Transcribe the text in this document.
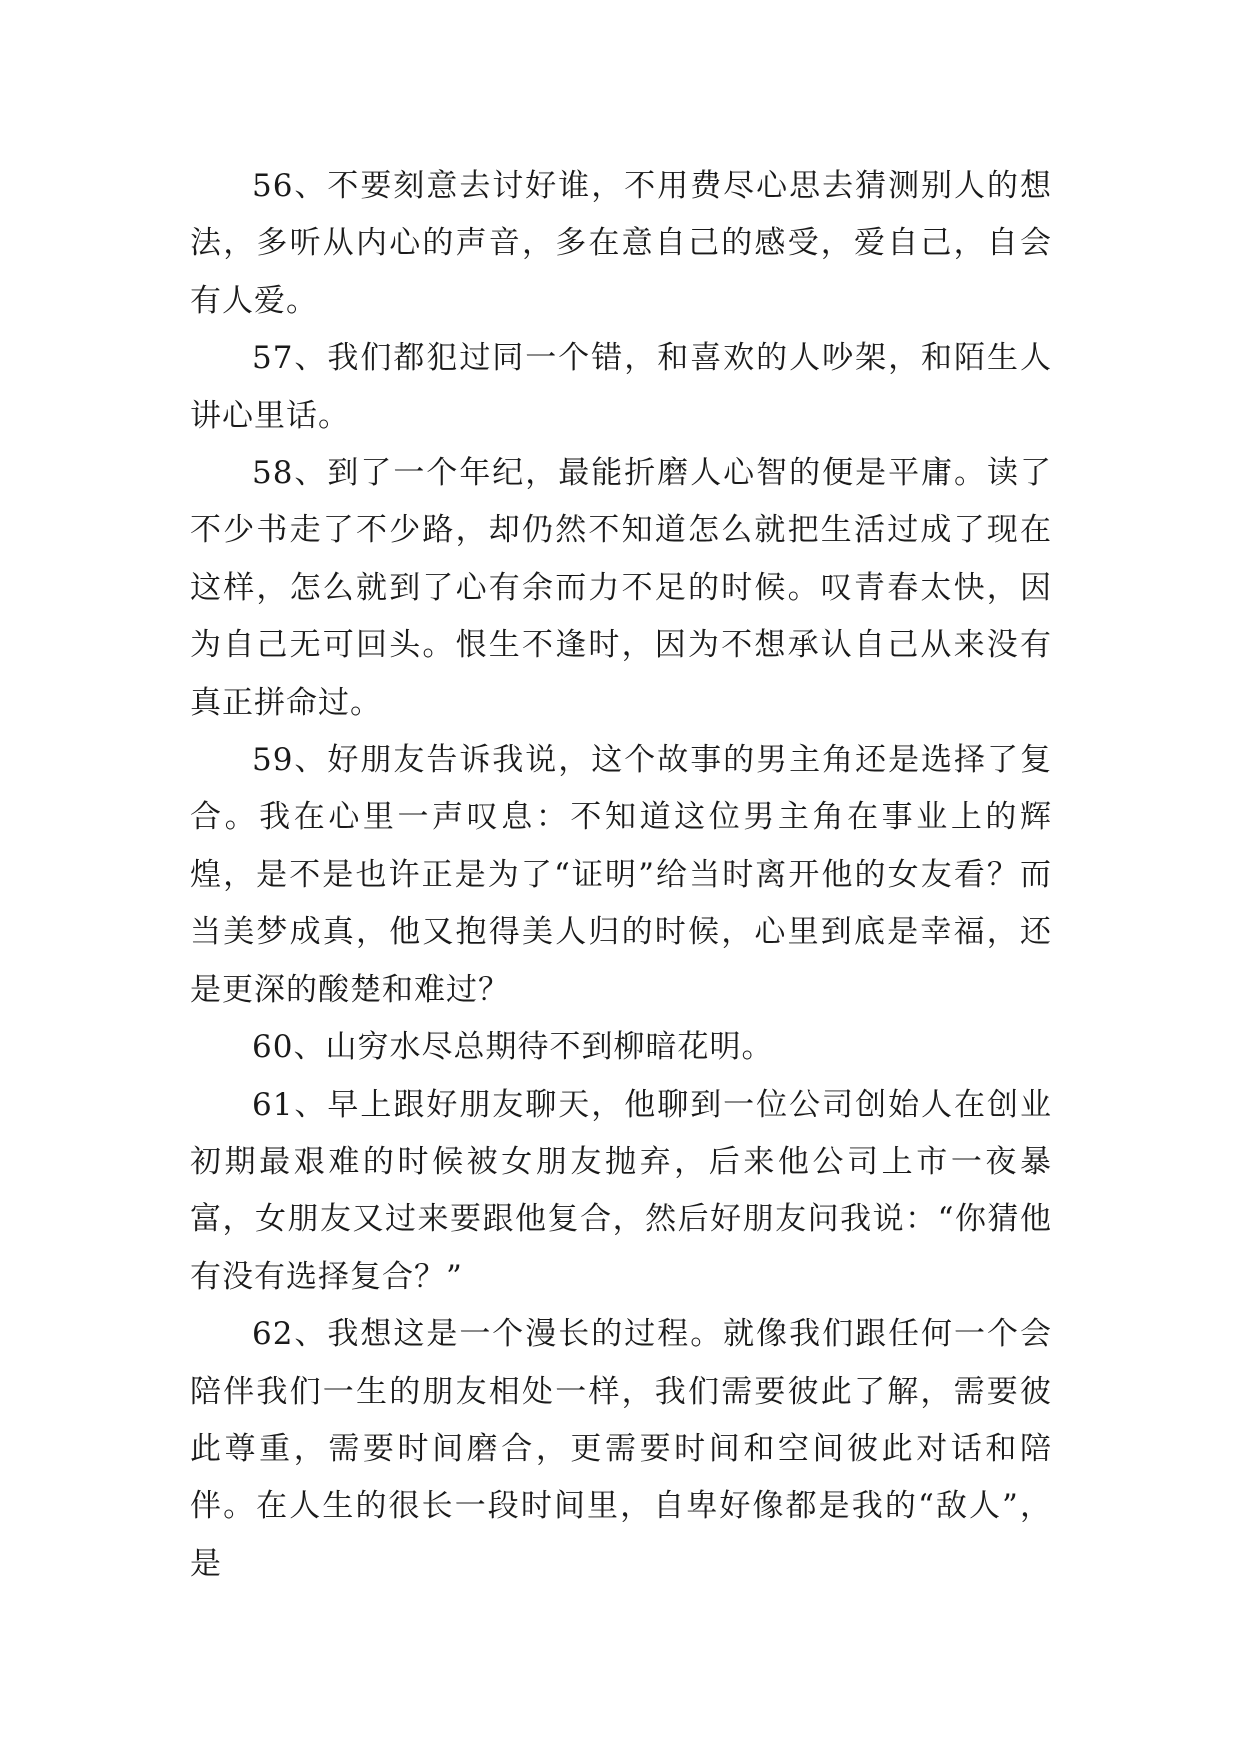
56、不要刻意去讨好谁，不用费尽心思去猜测别人的想法，多听从内心的声音，多在意自己的感受，爱自己，自会有人爱。

57、我们都犯过同一个错，和喜欢的人吵架，和陌生人讲心里话。

58、到了一个年纪，最能折磨人心智的便是平庸。读了不少书走了不少路，却仍然不知道怎么就把生活过成了现在这样，怎么就到了心有余而力不足的时候。叹青春太快，因为自己无可回头。恨生不逢时，因为不想承认自己从来没有真正拼命过。

59、好朋友告诉我说，这个故事的男主角还是选择了复合。我在心里一声叹息：不知道这位男主角在事业上的辉煌，是不是也许正是为了“证明”给当时离开他的女友看？而当美梦成真，他又抱得美人归的时候，心里到底是幸福，还是更深的酸楚和难过？

60、山穷水尽总期待不到柳暗花明。

61、早上跟好朋友聊天，他聊到一位公司创始人在创业初期最艰难的时候被女朋友抛弃，后来他公司上市一夜暴富，女朋友又过来要跟他复合，然后好朋友问我说：“你猜他有没有选择复合？”

62、我想这是一个漫长的过程。就像我们跟任何一个会陪伴我们一生的朋友相处一样，我们需要彼此了解，需要彼此尊重，需要时间磨合，更需要时间和空间彼此对话和陪伴。在人生的很长一段时间里，自卑好像都是我的“敌人”，是
